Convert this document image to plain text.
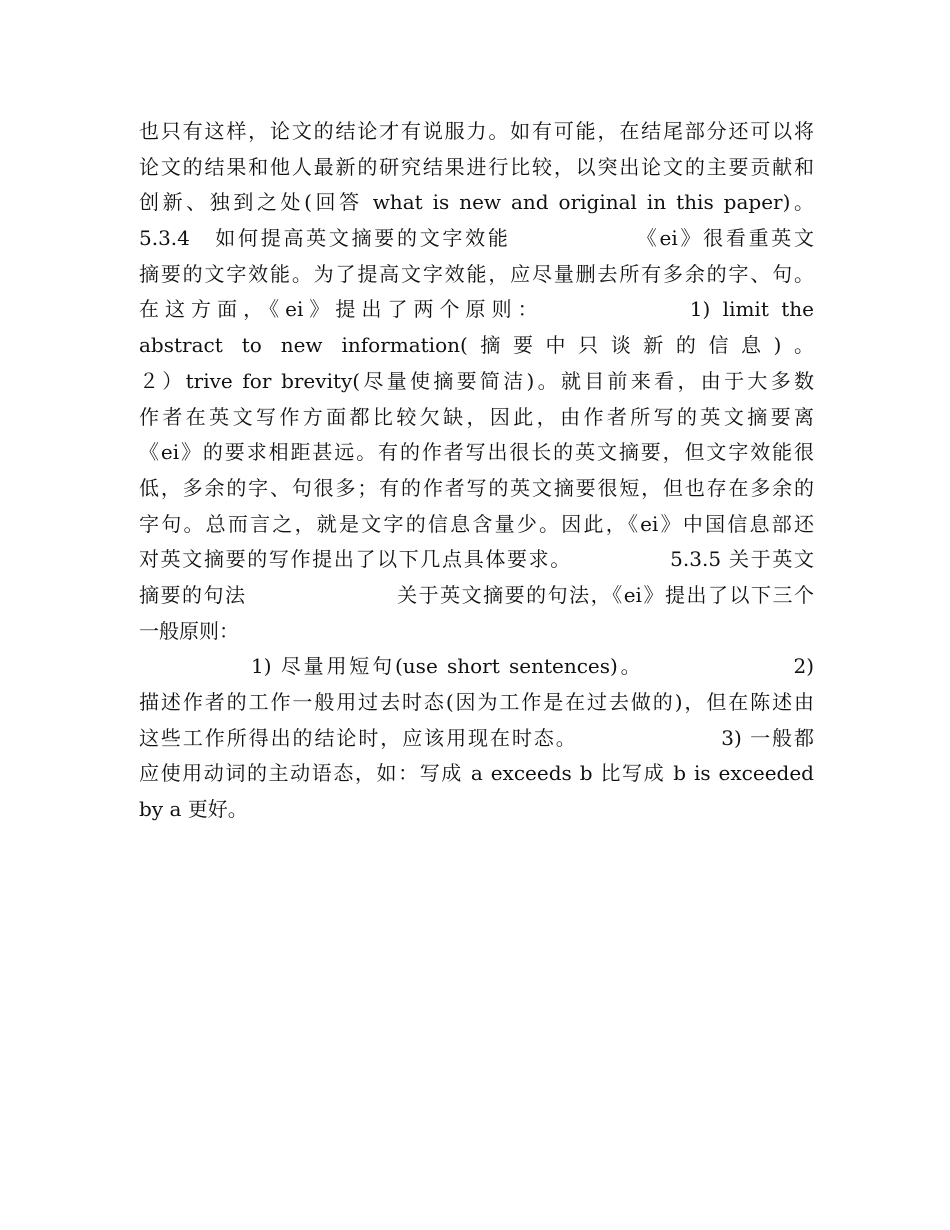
也只有这样，论文的结论才有说服力。如有可能，在结尾部分还可以将
论文的结果和他人最新的研究结果进行比较，以突出论文的主要贡献和
创新、独到之处(回答 what is new and original in this paper)。
5.3.4　如何提高英文摘要的文字效能　　　　　　《ei》很看重英文
摘要的文字效能。为了提高文字效能，应尽量删去所有多余的字、句。
在这方面，《ei》提出了两个原则：　　　　　　1) limit the
abstract to new information(摘要中只谈新的信息)。
２）trive for brevity(尽量使摘要简洁)。就目前来看，由于大多数
作者在英文写作方面都比较欠缺，因此，由作者所写的英文摘要离
《ei》的要求相距甚远。有的作者写出很长的英文摘要，但文字效能很
低，多余的字、句很多；有的作者写的英文摘要很短，但也存在多余的
字句。总而言之，就是文字的信息含量少。因此，《ei》中国信息部还
对英文摘要的写作提出了以下几点具体要求。　　　　　5.3.5 关于英文
摘要的句法　　　　　　　关于英文摘要的句法，《ei》提出了以下三个
一般原则：
1) 尽量用短句(use short sentences)。　　　　　　　2)
描述作者的工作一般用过去时态(因为工作是在过去做的)，但在陈述由
这些工作所得出的结论时，应该用现在时态。　　　　　　　3) 一般都
应使用动词的主动语态，如：写成 a exceeds b 比写成 b is exceeded
by a 更好。
